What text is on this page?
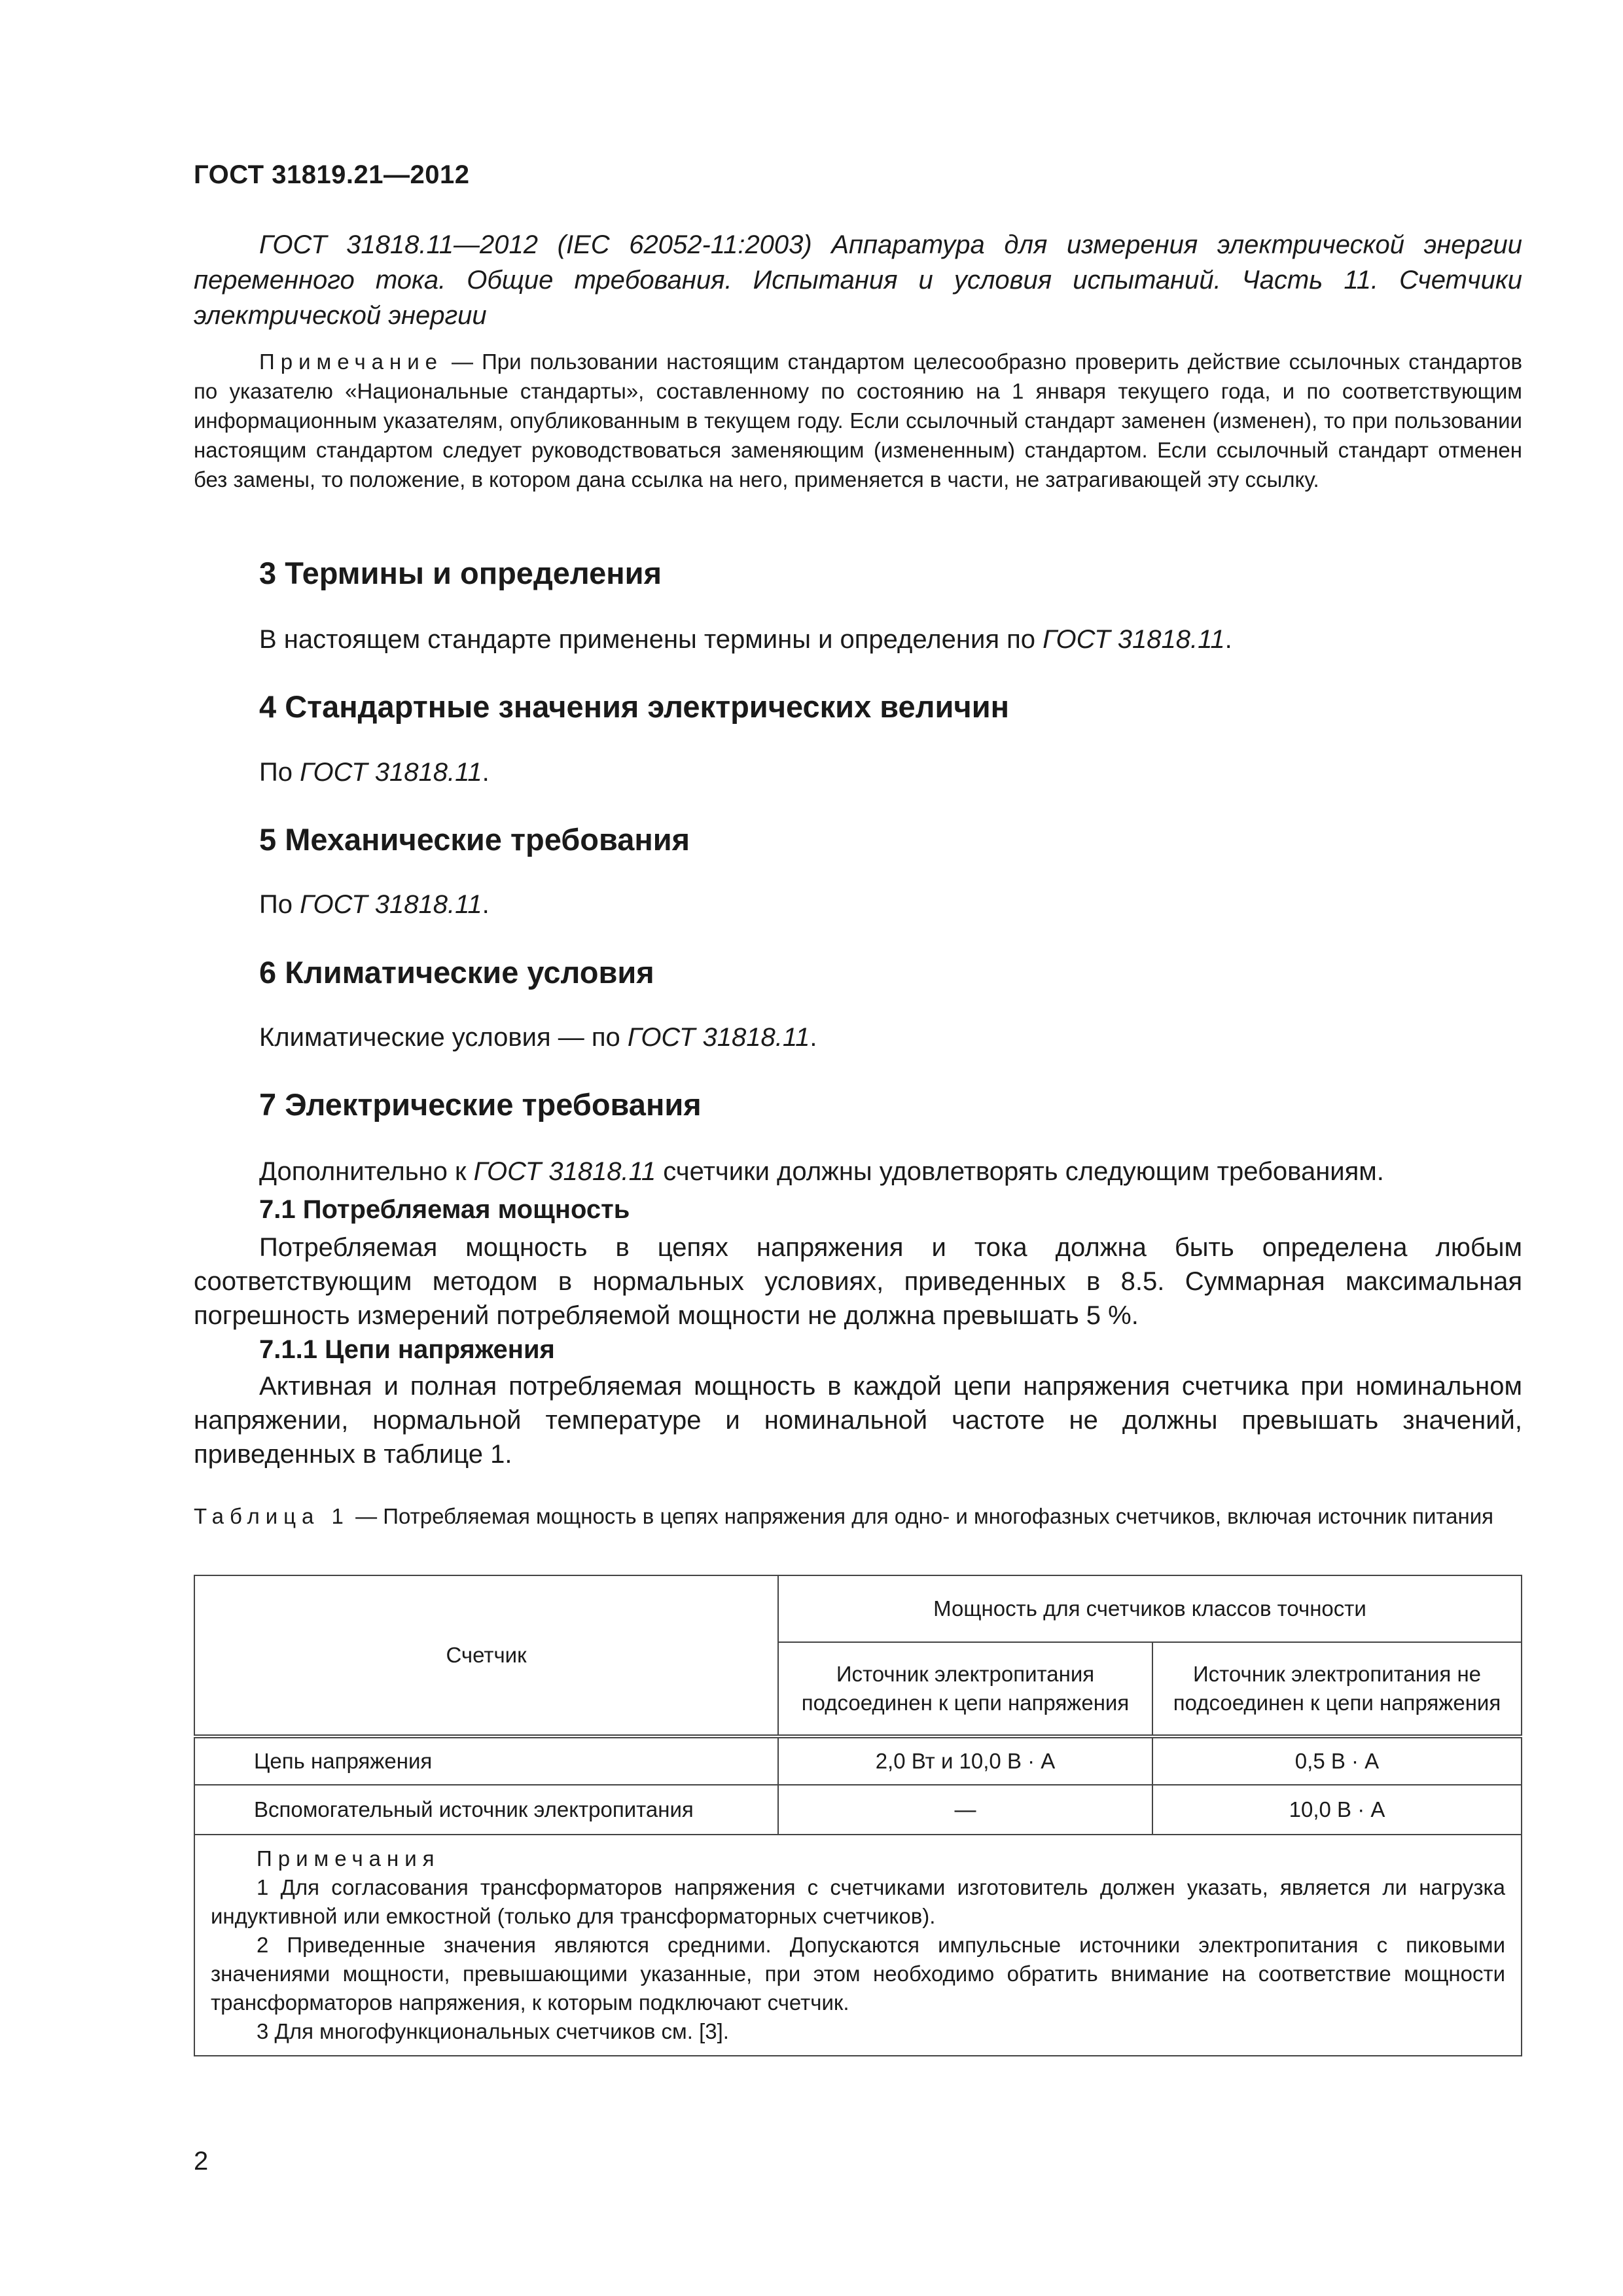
ГОСТ 31819.21—2012
ГОСТ 31818.11—2012 (IEC 62052-11:2003) Аппаратура для измерения электрической энергии переменного тока. Общие требования. Испытания и условия испытаний. Часть 11. Счетчики электрической энергии
Примечание — При пользовании настоящим стандартом целесообразно проверить действие ссылочных стандартов по указателю «Национальные стандарты», составленному по состоянию на 1 января текущего года, и по соответствующим информационным указателям, опубликованным в текущем году. Если ссылочный стандарт заменен (изменен), то при пользовании настоящим стандартом следует руководствоваться заменяющим (измененным) стандартом. Если ссылочный стандарт отменен без замены, то положение, в котором дана ссылка на него, применяется в части, не затрагивающей эту ссылку.
3 Термины и определения
В настоящем стандарте применены термины и определения по ГОСТ 31818.11.
4 Стандартные значения электрических величин
По ГОСТ 31818.11.
5 Механические требования
По ГОСТ 31818.11.
6 Климатические условия
Климатические условия — по ГОСТ 31818.11.
7 Электрические требования
Дополнительно к ГОСТ 31818.11 счетчики должны удовлетворять следующим требованиям.
7.1 Потребляемая мощность
Потребляемая мощность в цепях напряжения и тока должна быть определена любым соответствующим методом в нормальных условиях, приведенных в 8.5. Суммарная максимальная погрешность измерений потребляемой мощности не должна превышать 5 %.
7.1.1 Цепи напряжения
Активная и полная потребляемая мощность в каждой цепи напряжения счетчика при номинальном напряжении, нормальной температуре и номинальной частоте не должны превышать значений, приведенных в таблице 1.
Таблица 1 — Потребляемая мощность в цепях напряжения для одно- и многофазных счетчиков, включая источник питания
Счетчик	Мощность для счетчиков классов точности	
	Источник электропитания подсоединен к цепи напряжения	Источник электропитания не подсоединен к цепи напряжения
Цепь напряжения	2,0 Вт и 10,0 В · А	0,5 В · А
Вспомогательный источник электропитания	—	10,0 В · А

Примечания
1 Для согласования трансформаторов напряжения с счетчиками изготовитель должен указать, является ли нагрузка индуктивной или емкостной (только для трансформаторных счетчиков).
2 Приведенные значения являются средними. Допускаются импульсные источники электропитания с пиковыми значениями мощности, превышающими указанные, при этом необходимо обратить внимание на соответствие мощности трансформаторов напряжения, к которым подключают счетчик.
3 Для многофункциональных счетчиков см. [3].		
2
